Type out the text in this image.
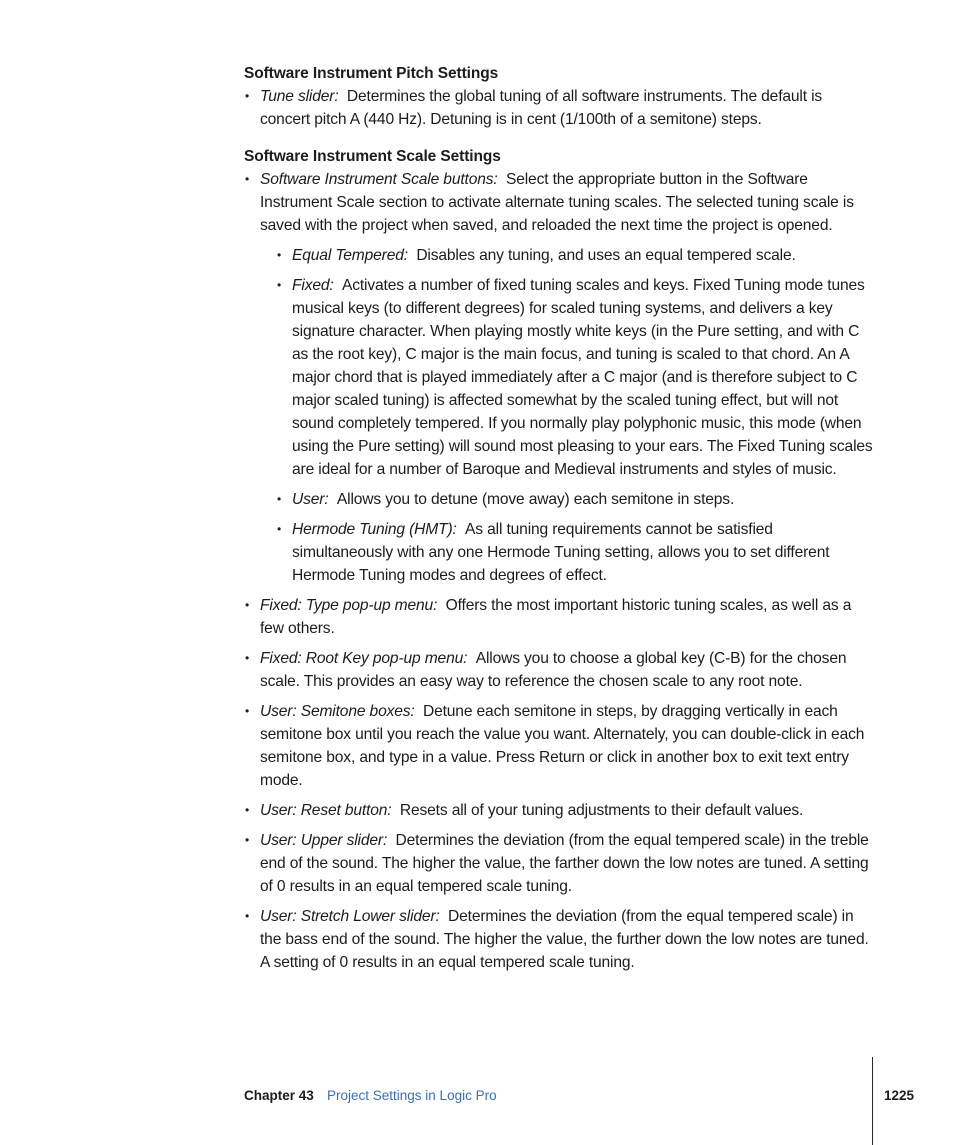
Software Instrument Pitch Settings
• Tune slider: Determines the global tuning of all software instruments. The default is concert pitch A (440 Hz). Detuning is in cent (1/100th of a semitone) steps.
Software Instrument Scale Settings
• Software Instrument Scale buttons: Select the appropriate button in the Software Instrument Scale section to activate alternate tuning scales. The selected tuning scale is saved with the project when saved, and reloaded the next time the project is opened.
• Equal Tempered: Disables any tuning, and uses an equal tempered scale.
• Fixed: Activates a number of fixed tuning scales and keys. Fixed Tuning mode tunes musical keys (to different degrees) for scaled tuning systems, and delivers a key signature character. When playing mostly white keys (in the Pure setting, and with C as the root key), C major is the main focus, and tuning is scaled to that chord. An A major chord that is played immediately after a C major (and is therefore subject to C major scaled tuning) is affected somewhat by the scaled tuning effect, but will not sound completely tempered. If you normally play polyphonic music, this mode (when using the Pure setting) will sound most pleasing to your ears. The Fixed Tuning scales are ideal for a number of Baroque and Medieval instruments and styles of music.
• User: Allows you to detune (move away) each semitone in steps.
• Hermode Tuning (HMT): As all tuning requirements cannot be satisfied simultaneously with any one Hermode Tuning setting, allows you to set different Hermode Tuning modes and degrees of effect.
• Fixed: Type pop-up menu: Offers the most important historic tuning scales, as well as a few others.
• Fixed: Root Key pop-up menu: Allows you to choose a global key (C-B) for the chosen scale. This provides an easy way to reference the chosen scale to any root note.
• User: Semitone boxes: Detune each semitone in steps, by dragging vertically in each semitone box until you reach the value you want. Alternately, you can double-click in each semitone box, and type in a value. Press Return or click in another box to exit text entry mode.
• User: Reset button: Resets all of your tuning adjustments to their default values.
• User: Upper slider: Determines the deviation (from the equal tempered scale) in the treble end of the sound. The higher the value, the farther down the low notes are tuned. A setting of 0 results in an equal tempered scale tuning.
• User: Stretch Lower slider: Determines the deviation (from the equal tempered scale) in the bass end of the sound. The higher the value, the further down the low notes are tuned. A setting of 0 results in an equal tempered scale tuning.
Chapter 43 Project Settings in Logic Pro	1225
